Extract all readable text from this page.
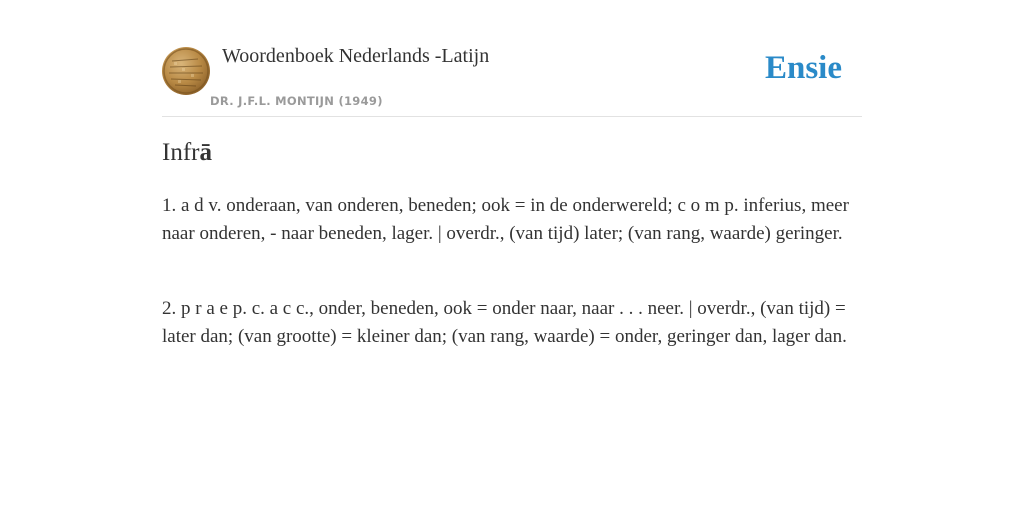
Woordenboek Nederlands -Latijn
DR. J.F.L. MONTIJN (1949)
Ensie
Infrā

1. a d v. onderaan, van onderen, beneden; ook = in de onderwereld; c o m p. inferius, meer naar onderen, - naar beneden, lager. | overdr., (van tijd) later; (van rang, waarde) geringer.

2. p r a e p. c. a c c., onder, beneden, ook = onder naar, naar . . . neer. | overdr., (van tijd) = later dan; (van grootte) = kleiner dan; (van rang, waarde) = onder, geringer dan, lager dan.
